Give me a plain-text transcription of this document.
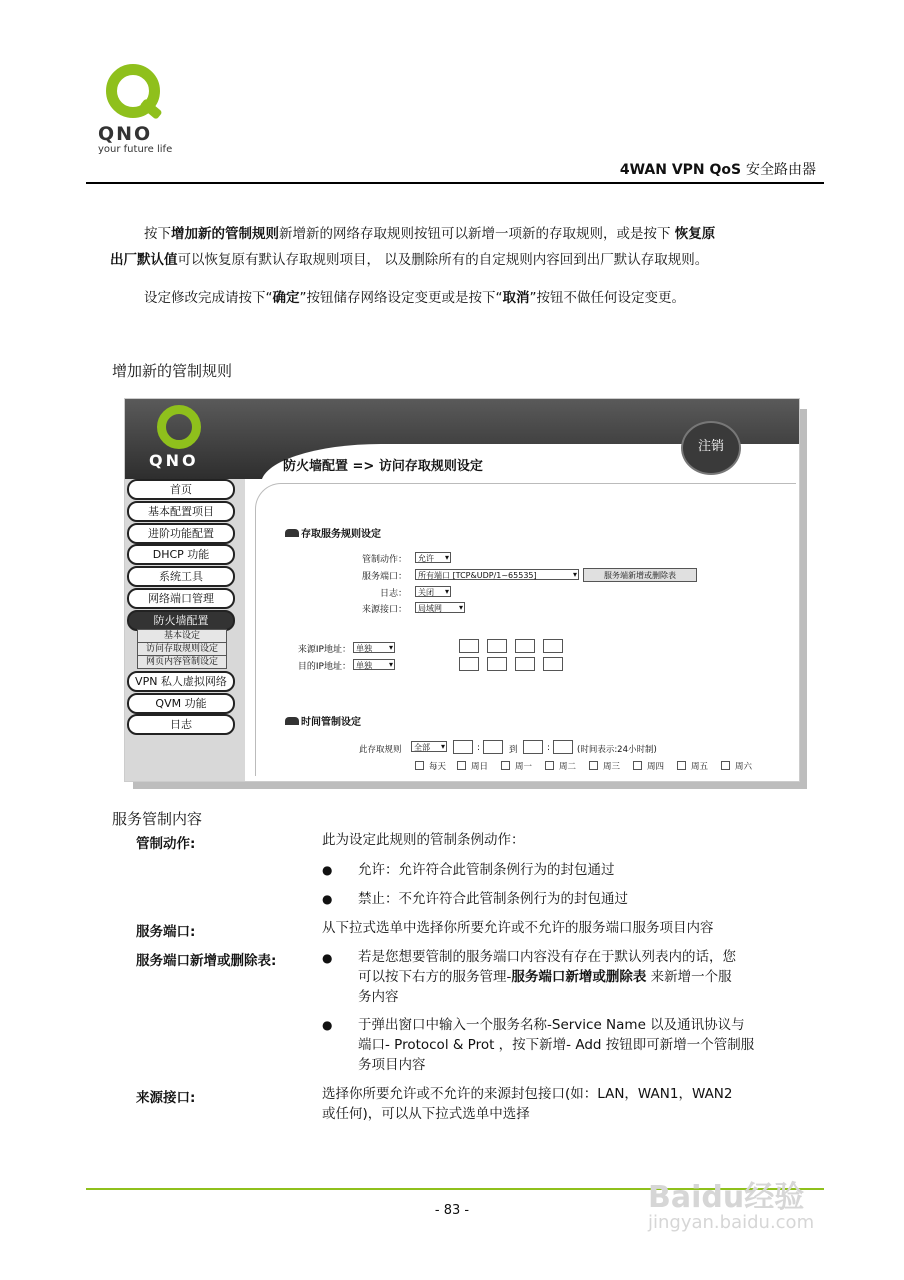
QNO
your future life
4WAN VPN QoS 安全路由器
按下增加新的管制规则新增新的网络存取规则按钮可以新增一项新的存取规则，或是按下 恢复原
出厂默认值可以恢复原有默认存取规则项目， 以及删除所有的自定规则内容回到出厂默认存取规则。
设定修改完成请按下“确定”按钮储存网络设定变更或是按下“取消”按钮不做任何设定变更。
增加新的管制规则
QNO
注销
防火墙配置 => 访问存取规则设定
首页
基本配置项目
进阶功能配置
DHCP 功能
系统工具
网络端口管理
防火墙配置
基本设定
访问存取规则设定
网页内容管制设定
VPN 私人虚拟网络
QVM 功能
日志
存取服务规则设定
管制动作：	允许 ▾
服务端口：	所有端口 [TCP&UDP/1~65535] ▾	服务端新增或删除表
日志：	关闭 ▾
来源接口：	局域网 ▾
来源IP地址： 单独 ▾
目的IP地址： 单独 ▾
时间管制设定
此存取规则	全部 ▾	:	到	:	(时间表示:24小时制)
每天	周日	周一	周二	周三	周四	周五	周六
服务管制内容
管制动作:	此为设定此规则的管制条例动作：
● 允许：允许符合此管制条例行为的封包通过
● 禁止：不允许符合此管制条例行为的封包通过
服务端口:	从下拉式选单中选择你所要允许或不允许的服务端口服务项目内容
服务端口新增或删除表:	● 若是您想要管制的服务端口内容没有存在于默认列表内的话，您
可以按下右方的服务管理-服务端口新增或删除表 来新增一个服
务内容
● 于弹出窗口中输入一个服务名称-Service Name 以及通讯协议与
端口- Protocol & Prot ，按下新增- Add 按钮即可新增一个管制服
务项目内容
来源接口:	选择你所要允许或不允许的来源封包接口(如：LAN，WAN1，WAN2
或任何)，可以从下拉式选单中选择
Baidu经验
jingyan.baidu.com
- 83 -
